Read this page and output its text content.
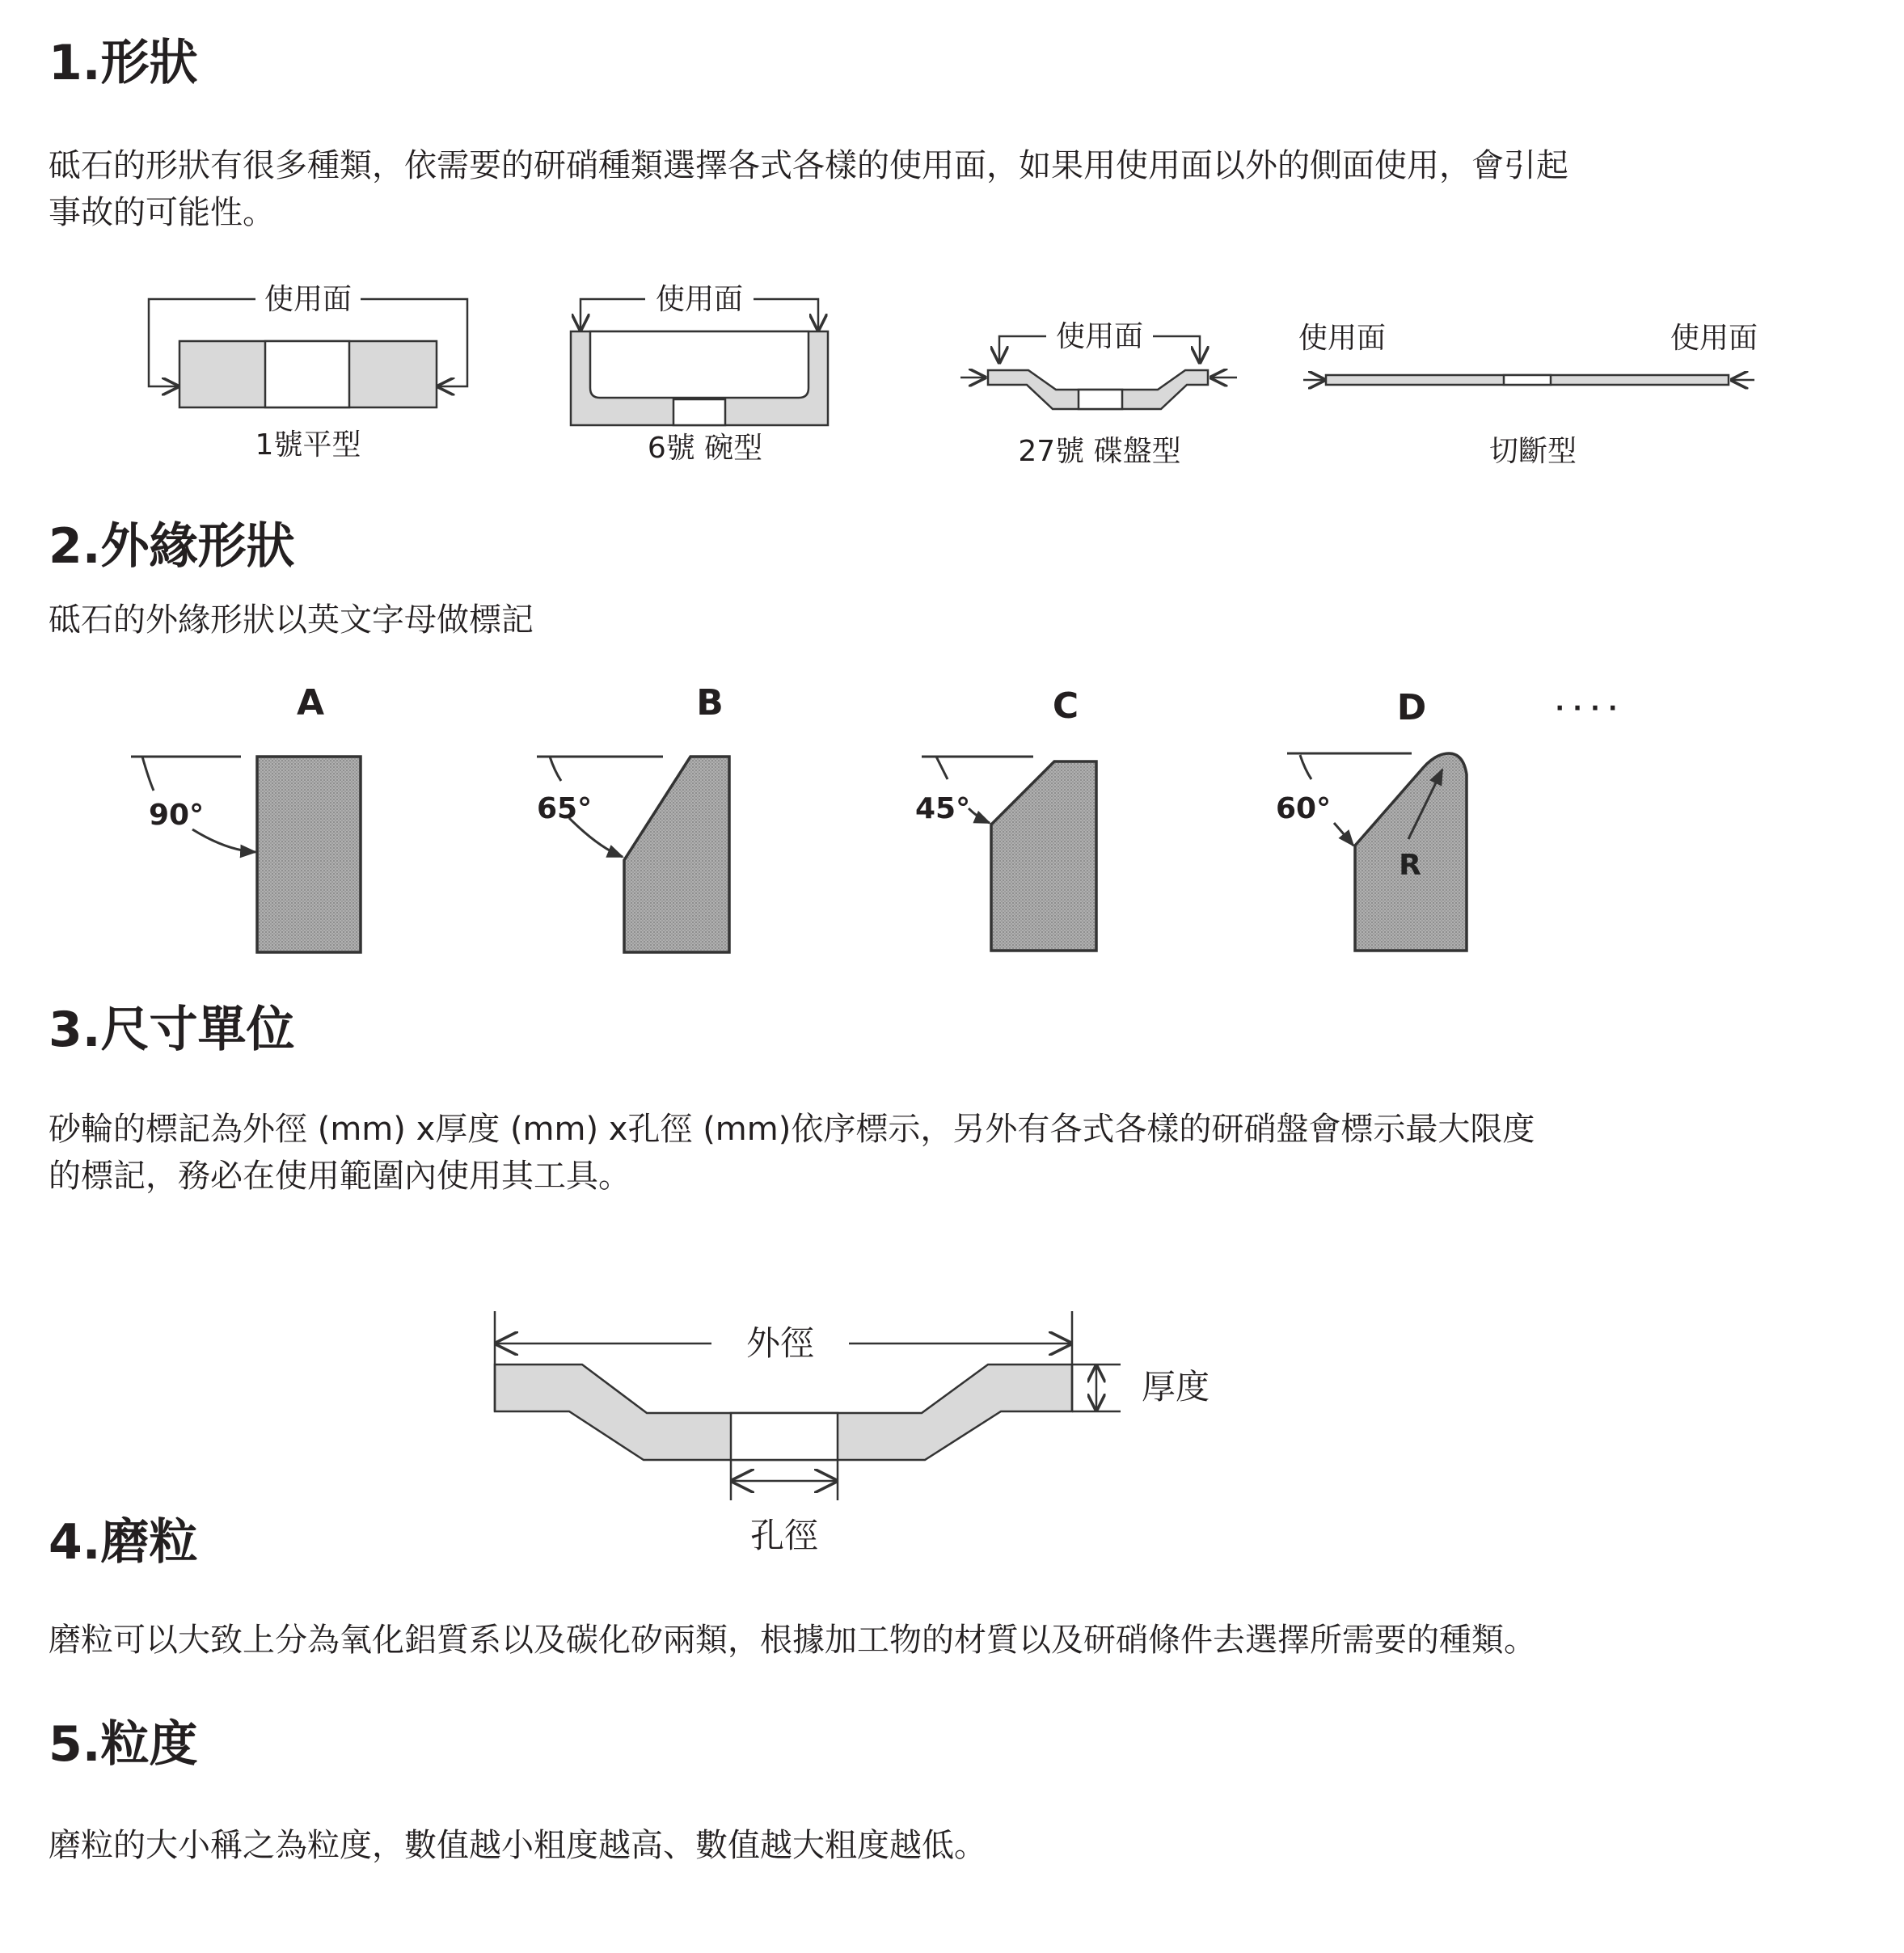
1.形狀

砥石的形狀有很多種類，依需要的研硝種類選擇各式各樣的使用面，如果用使用面以外的側面使用，會引起

事故的可能性。

使用面
1號平型
使用面
6號 碗型
使用面
27號 碟盤型
使用面	使用面
切斷型
2.外緣形狀

砥石的外緣形狀以英文字母做標記

A
90°
B
65°
C
45°
D	· · · ·
R
60°
3.尺寸單位

砂輪的標記為外徑 (mm) x厚度 (mm) x孔徑 (mm)依序標示，另外有各式各樣的研硝盤會標示最大限度

的標記，務必在使用範圍內使用其工具。

外徑
厚度
孔徑
4.磨粒

磨粒可以大致上分為氧化鋁質系以及碳化矽兩類，根據加工物的材質以及研硝條件去選擇所需要的種類。

5.粒度

磨粒的大小稱之為粒度，數值越小粗度越高、數值越大粗度越低。
